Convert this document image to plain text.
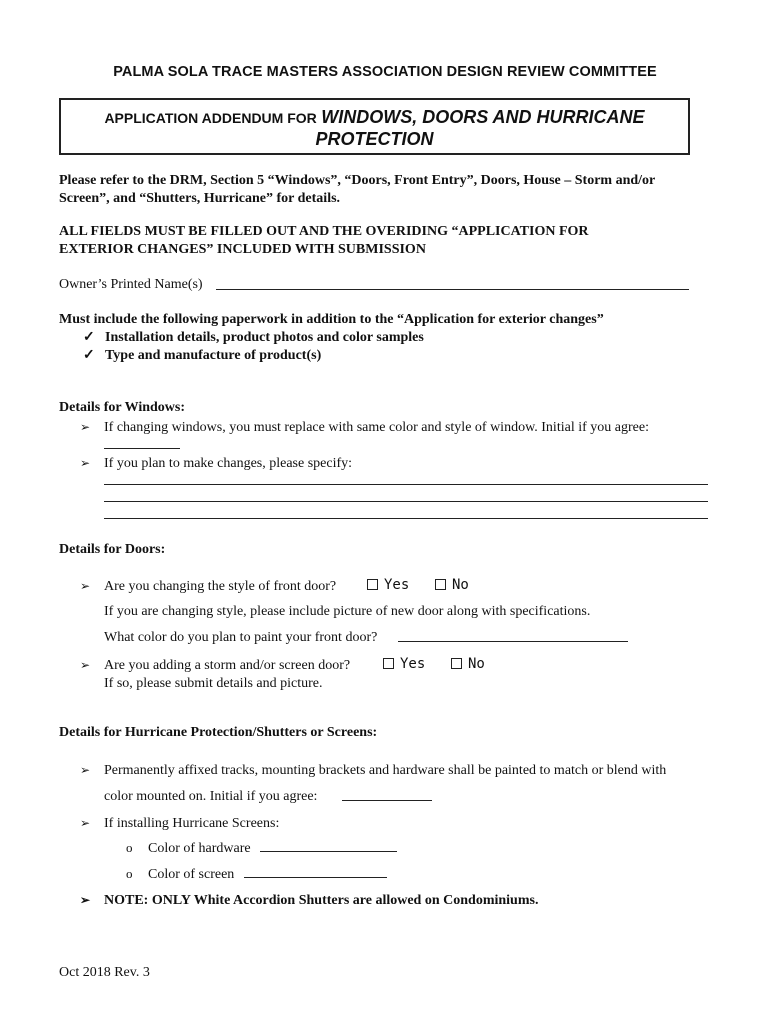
PALMA SOLA TRACE MASTERS ASSOCIATION DESIGN REVIEW COMMITTEE
APPLICATION ADDENDUM FOR WINDOWS, DOORS AND HURRICANE
PROTECTION
Please refer to the DRM, Section 5 “Windows”, “Doors, Front Entry”, Doors, House – Storm and/or
Screen”, and “Shutters, Hurricane” for details.
ALL FIELDS MUST BE FILLED OUT AND THE OVERIDING “APPLICATION FOR
EXTERIOR CHANGES” INCLUDED WITH SUBMISSION
Owner’s Printed Name(s)
Must include the following paperwork in addition to the “Application for exterior changes”
✓ Installation details, product photos and color samples
✓ Type and manufacture of product(s)
Details for Windows:
➢ If changing windows, you must replace with same color and style of window. Initial if you agree:
➢ If you plan to make changes, please specify:
Details for Doors:
➢ Are you changing the style of front door?	Yes	No
If you are changing style, please include picture of new door along with specifications.
What color do you plan to paint your front door?
➢ Are you adding a storm and/or screen door?	Yes	No
If so, please submit details and picture.
Details for Hurricane Protection/Shutters or Screens:
➢ Permanently affixed tracks, mounting brackets and hardware shall be painted to match or blend with
color mounted on. Initial if you agree:
➢ If installing Hurricane Screens:
o Color of hardware
o Color of screen
➢ NOTE: ONLY White Accordion Shutters are allowed on Condominiums.
Oct 2018 Rev. 3
